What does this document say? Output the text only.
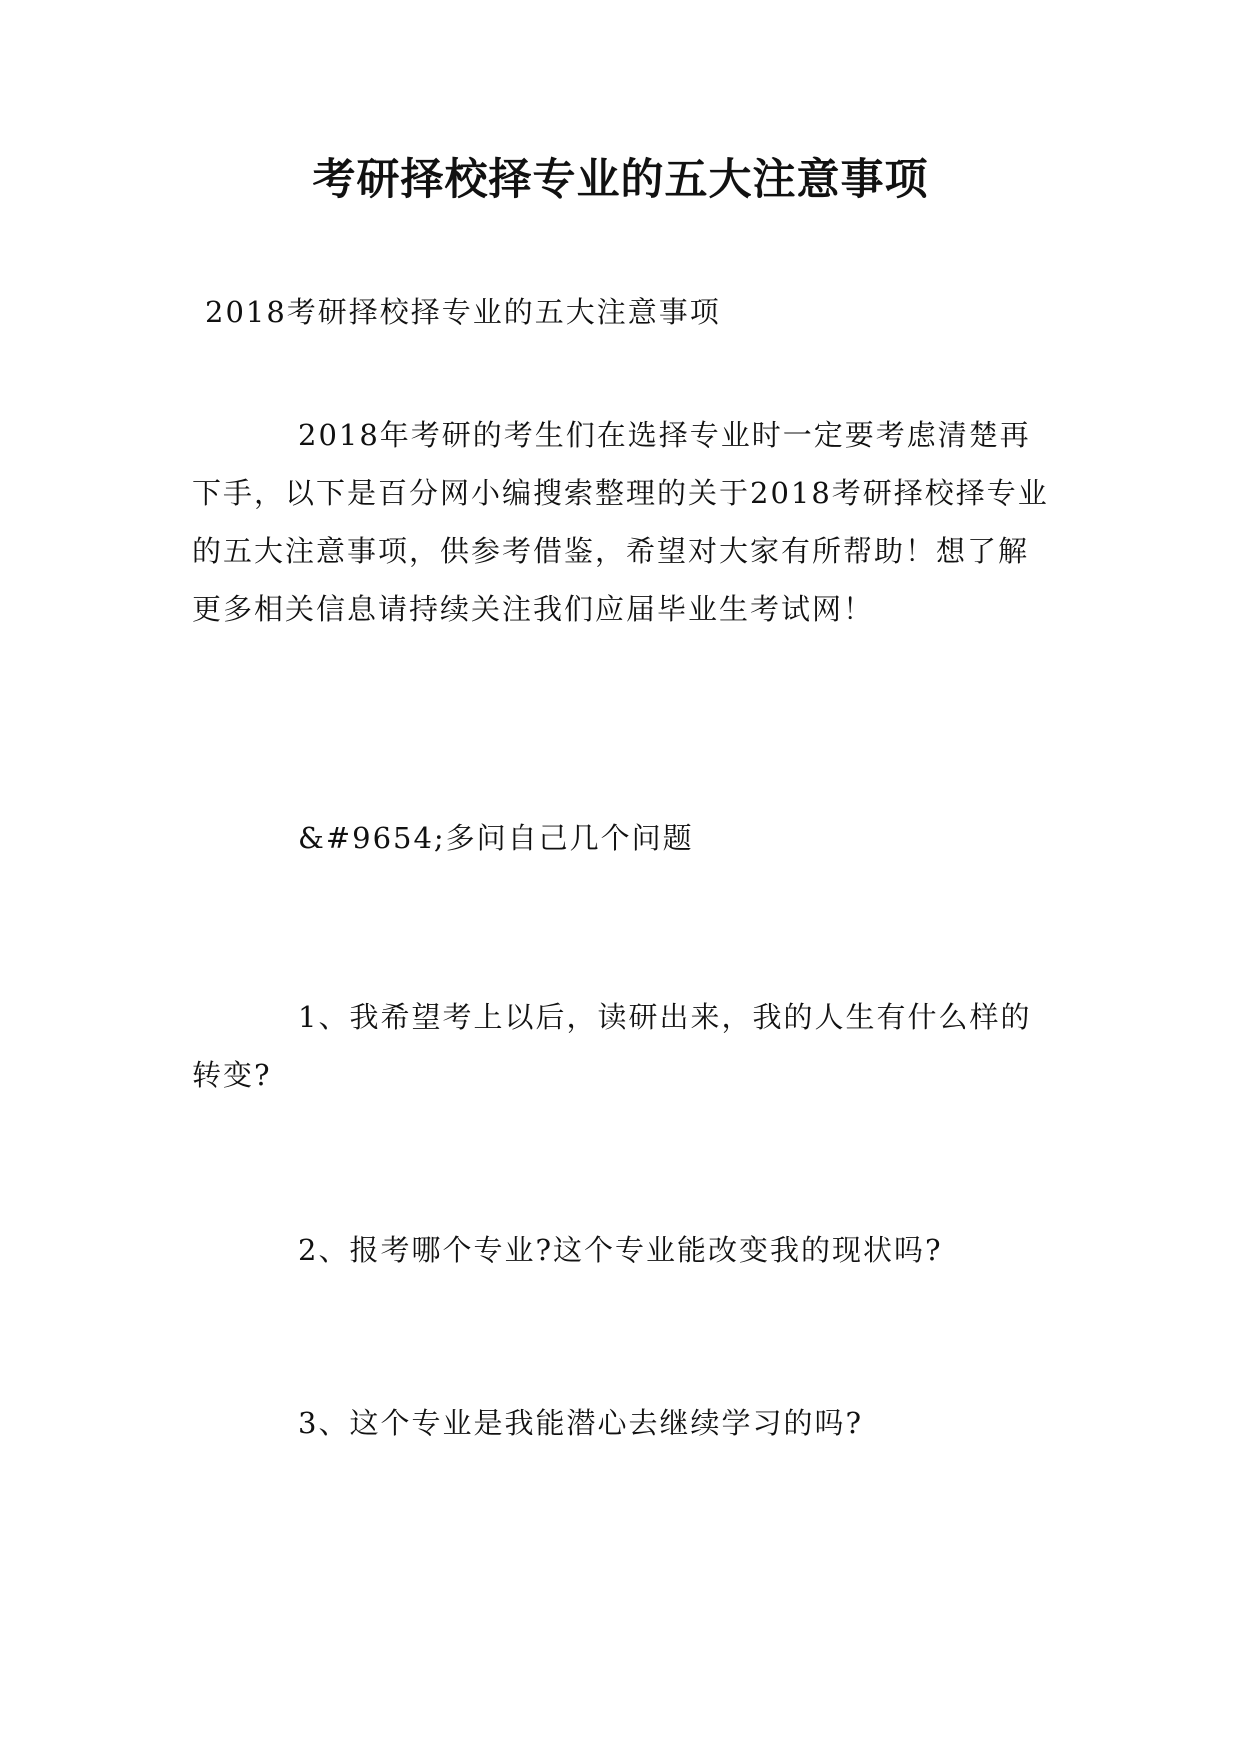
考研择校择专业的五大注意事项
2018考研择校择专业的五大注意事项

2018年考研的考生们在选择专业时一定要考虑清楚再下手，以下是百分网小编搜索整理的关于2018考研择校择专业的五大注意事项，供参考借鉴，希望对大家有所帮助！想了解更多相关信息请持续关注我们应届毕业生考试网！

&#9654;多问自己几个问题

1、我希望考上以后，读研出来，我的人生有什么样的转变?

2、报考哪个专业?这个专业能改变我的现状吗?

3、这个专业是我能潜心去继续学习的吗?
